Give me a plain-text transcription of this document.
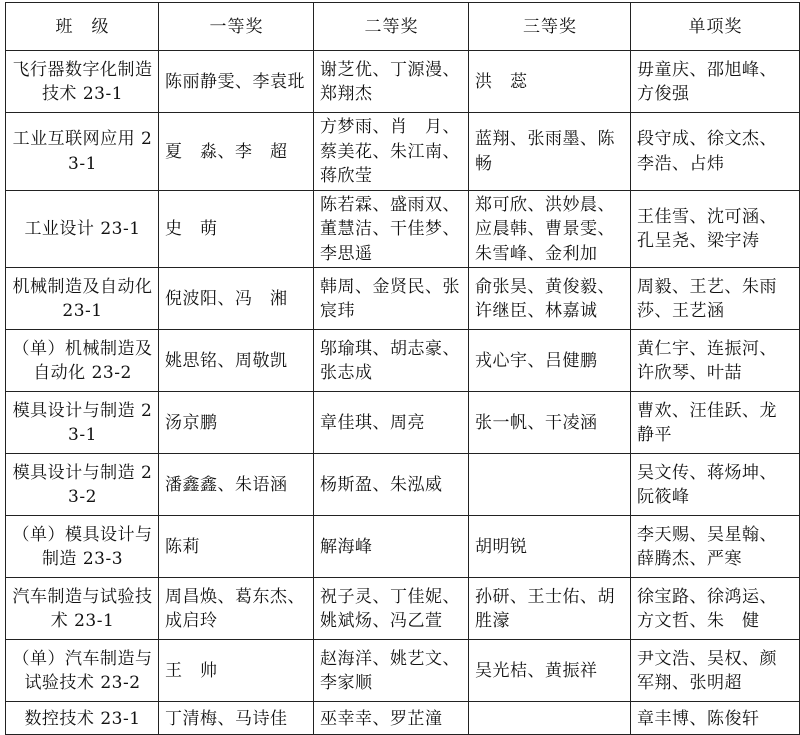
班　级	一等奖	二等奖	三等奖	单项奖
飞行器数字化制造技术 23-1	陈丽静雯、李袁玭	谢芝优、丁源漫、郑翔杰	洪　蕊	毋童庆、邵旭峰、方俊强
工业互联网应用 23-1	夏　淼、李　超	方梦雨、肖　月、蔡美花、朱江南、蒋欣莹	蓝翔、张雨墨、陈畅	段守成、徐文杰、李浩、占炜
工业设计 23-1	史　萌	陈若霖、盛雨双、董慧洁、干佳梦、李思遥	郑可欣、洪妙晨、应晨韩、曹景雯、朱雪峰、金利加	王佳雪、沈可涵、孔呈尧、梁宇涛
机械制造及自动化 23-1	倪波阳、冯　湘	韩周、金贤民、张宸玮	俞张昊、黄俊毅、许继臣、林嘉诚	周毅、王艺、朱雨莎、王艺涵
（单）机械制造及自动化 23-2	姚思铭、周敬凯	邬瑜琪、胡志豪、张志成	戎心宇、吕健鹏	黄仁宇、连振河、许欣琴、叶喆
模具设计与制造 23-1	汤京鹏	章佳琪、周亮	张一帆、干凌涵	曹欢、汪佳跃、龙静平
模具设计与制造 23-2	潘鑫鑫、朱语涵	杨斯盈、朱泓威		吴文传、蒋炀坤、阮筱峰
（单）模具设计与制造 23-3	陈莉	解海峰	胡明锐	李天赐、吴星翰、薛腾杰、严寒
汽车制造与试验技术 23-1	周昌焕、葛东杰、成启玲	祝子灵、丁佳妮、姚斌炀、冯乙萱	孙研、王士佑、胡胜濠	徐宝路、徐鸿运、方文哲、朱　健
（单）汽车制造与试验技术 23-2	王　帅	赵海洋、姚艺文、李家顺	吴光桔、黄振祥	尹文浩、吴权、颜军翔、张明超
数控技术 23-1	丁清梅、马诗佳	巫幸幸、罗芷潼		章丰博、陈俊轩
